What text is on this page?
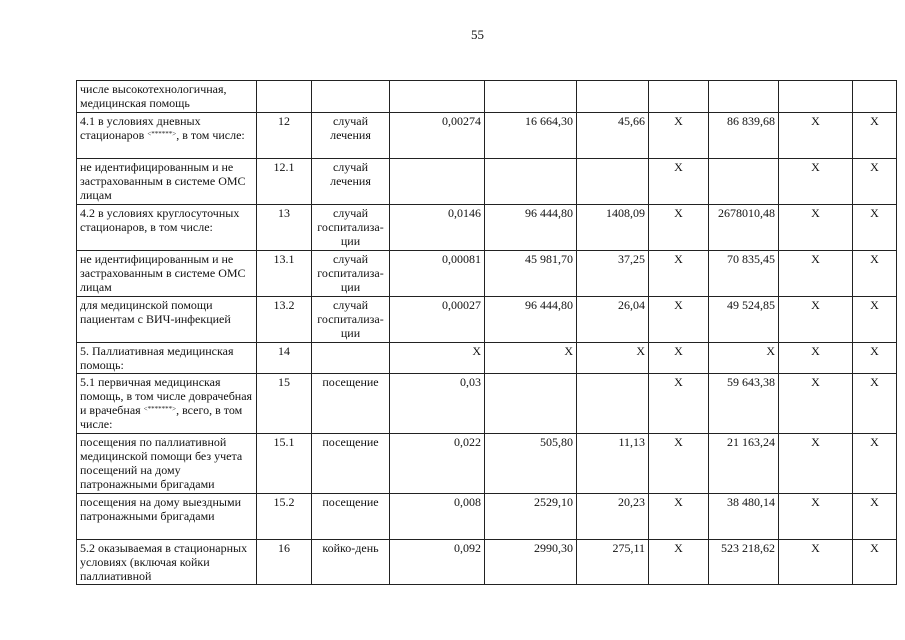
55
числе высокотехнологичная, медицинская помощь									
4.1 в условиях дневных стационаров <******>, в том числе:	12	случай лечения	0,00274	16 664,30	45,66	Х	86 839,68	Х	Х
не идентифицированным и не застрахованным в системе ОМС лицам	12.1	случай лечения				Х		Х	Х
4.2 в условиях круглосуточных стационаров, в том числе:	13	случай госпитализа-ции	0,0146	96 444,80	1408,09	Х	2678010,48	Х	Х
не идентифицированным и не застрахованным в системе ОМС лицам	13.1	случай госпитализа-ции	0,00081	45 981,70	37,25	Х	70 835,45	Х	Х
для медицинской помощи пациентам с ВИЧ-инфекцией	13.2	случай госпитализа-ции	0,00027	96 444,80	26,04	Х	49 524,85	Х	Х
5. Паллиативная медицинская помощь:	14		Х	Х	Х	Х	Х	Х	Х
5.1 первичная медицинская помощь, в том числе доврачебная и врачебная <*******>, всего, в том числе:	15	посещение	0,03			Х	59 643,38	Х	Х
посещения по паллиативной медицинской помощи без учета посещений на дому патронажными бригадами	15.1	посещение	0,022	505,80	11,13	Х	21 163,24	Х	Х
посещения на дому выездными патронажными бригадами	15.2	посещение	0,008	2529,10	20,23	Х	38 480,14	Х	Х
5.2 оказываемая в стационарных условиях (включая койки паллиативной	16	койко-день	0,092	2990,30	275,11	Х	523 218,62	Х	Х
